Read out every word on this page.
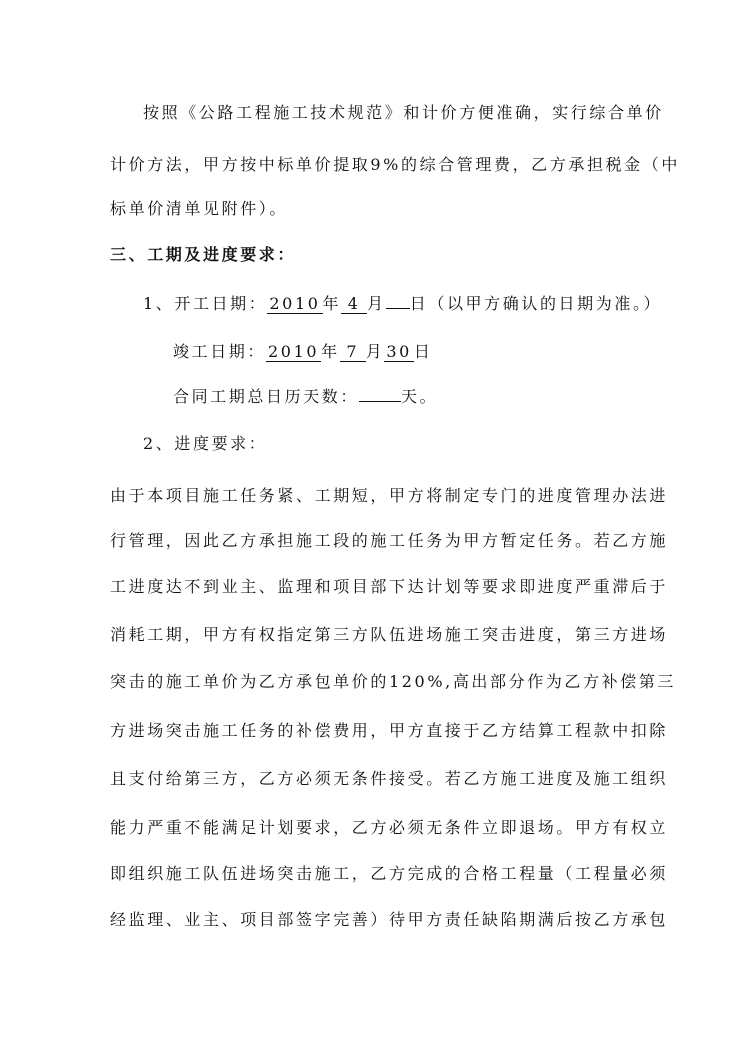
按照《公路工程施工技术规范》和计价方便准确，实行综合单价
计价方法，甲方按中标单价提取9%的综合管理费，乙方承担税金（中
标单价清单见附件）。
三、工期及进度要求：
1、开工日期： 2010 年 4 月 日（以甲方确认的日期为准。）
竣工日期： 2010 年 7 月 30 日
合同工期总日历天数：	天。
2、进度要求：
由于本项目施工任务紧、工期短，甲方将制定专门的进度管理办法进
行管理，因此乙方承担施工段的施工任务为甲方暂定任务。若乙方施
工进度达不到业主、监理和项目部下达计划等要求即进度严重滞后于
消耗工期，甲方有权指定第三方队伍进场施工突击进度，第三方进场
突击的施工单价为乙方承包单价的120%,高出部分作为乙方补偿第三
方进场突击施工任务的补偿费用，甲方直接于乙方结算工程款中扣除
且支付给第三方，乙方必须无条件接受。若乙方施工进度及施工组织
能力严重不能满足计划要求，乙方必须无条件立即退场。甲方有权立
即组织施工队伍进场突击施工，乙方完成的合格工程量（工程量必须
经监理、业主、项目部签字完善）待甲方责任缺陷期满后按乙方承包
